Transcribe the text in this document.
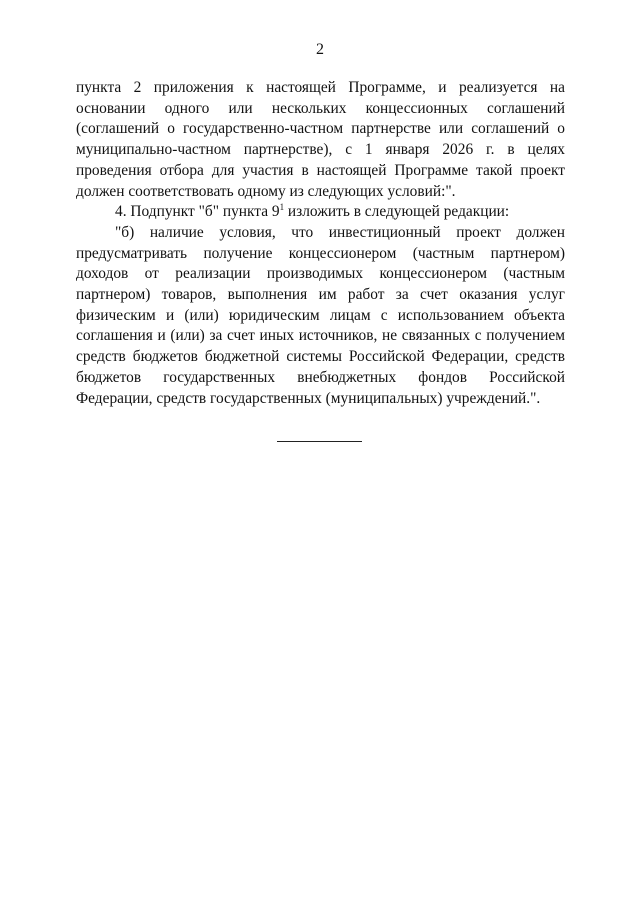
2

пункта 2 приложения к настоящей Программе, и реализуется на основании одного или нескольких концессионных соглашений (соглашений о государственно-частном партнерстве или соглашений о муниципально-частном партнерстве), с 1 января 2026 г. в целях проведения отбора для участия в настоящей Программе такой проект должен соответствовать одному из следующих условий:".

4. Подпункт "б" пункта $9^1$ изложить в следующей редакции:

"б) наличие условия, что инвестиционный проект должен предусматривать получение концессионером (частным партнером) доходов от реализации производимых концессионером (частным партнером) товаров, выполнения им работ за счет оказания услуг физическим и (или) юридическим лицам с использованием объекта соглашения и (или) за счет иных источников, не связанных с получением средств бюджетов бюджетной системы Российской Федерации, средств бюджетов государственных внебюджетных фондов Российской Федерации, средств государственных (муниципальных) учреждений.".
